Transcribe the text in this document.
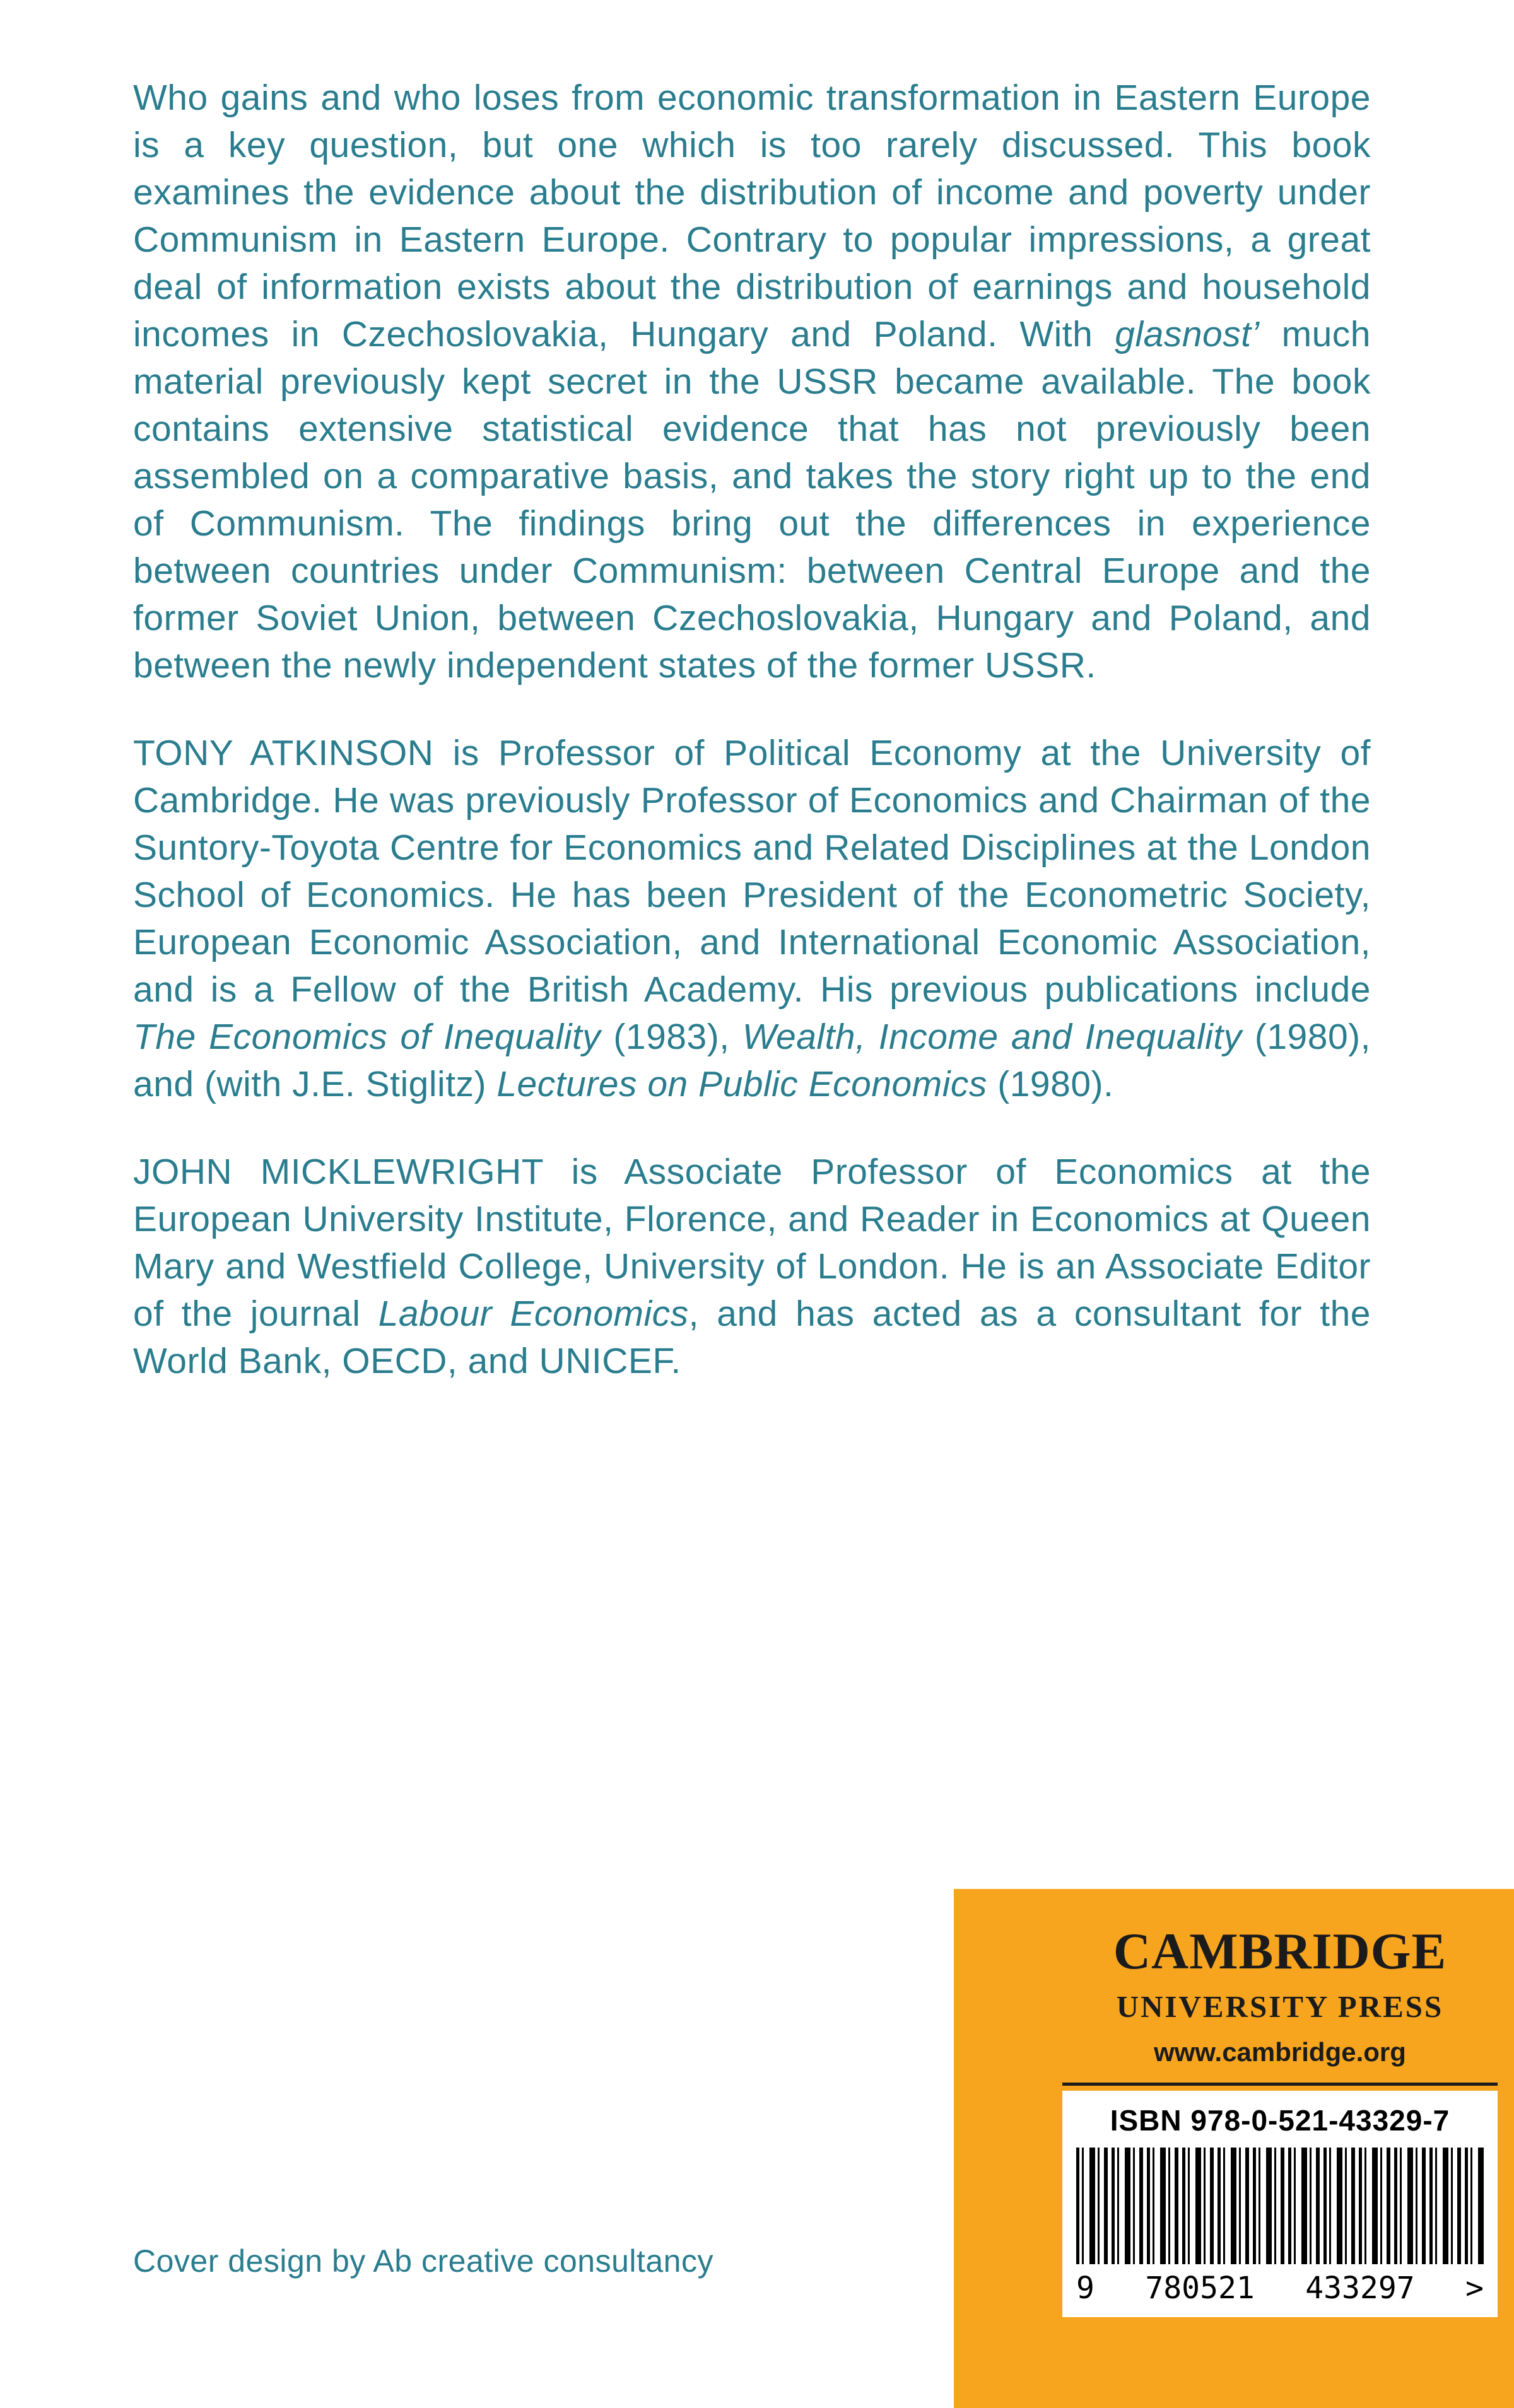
Who gains and who loses from economic transformation in Eastern Europe is a key question, but one which is too rarely discussed. This book examines the evidence about the distribution of income and poverty under Communism in Eastern Europe. Contrary to popular impressions, a great deal of information exists about the distribution of earnings and household incomes in Czechoslovakia, Hungary and Poland. With glasnost’ much material previously kept secret in the USSR became available. The book contains extensive statistical evidence that has not previously been assembled on a comparative basis, and takes the story right up to the end of Communism. The findings bring out the differences in experience between countries under Communism: between Central Europe and the former Soviet Union, between Czechoslovakia, Hungary and Poland, and between the newly independent states of the former USSR.

TONY ATKINSON is Professor of Political Economy at the University of Cambridge. He was previously Professor of Economics and Chairman of the Suntory-Toyota Centre for Economics and Related Disciplines at the London School of Economics. He has been President of the Econometric Society, European Economic Association, and International Economic Association, and is a Fellow of the British Academy. His previous publications include The Economics of Inequality (1983), Wealth, Income and Inequality (1980), and (with J.E. Stiglitz) Lectures on Public Economics (1980).

JOHN MICKLEWRIGHT is Associate Professor of Economics at the European University Institute, Florence, and Reader in Economics at Queen Mary and Westfield College, University of London. He is an Associate Editor of the journal Labour Economics, and has acted as a consultant for the World Bank, OECD, and UNICEF.

Cover design by Ab creative consultancy
CAMBRIDGE
UNIVERSITY PRESS
www.cambridge.org
ISBN 978-0-521-43329-7
9 780521 433297 >
